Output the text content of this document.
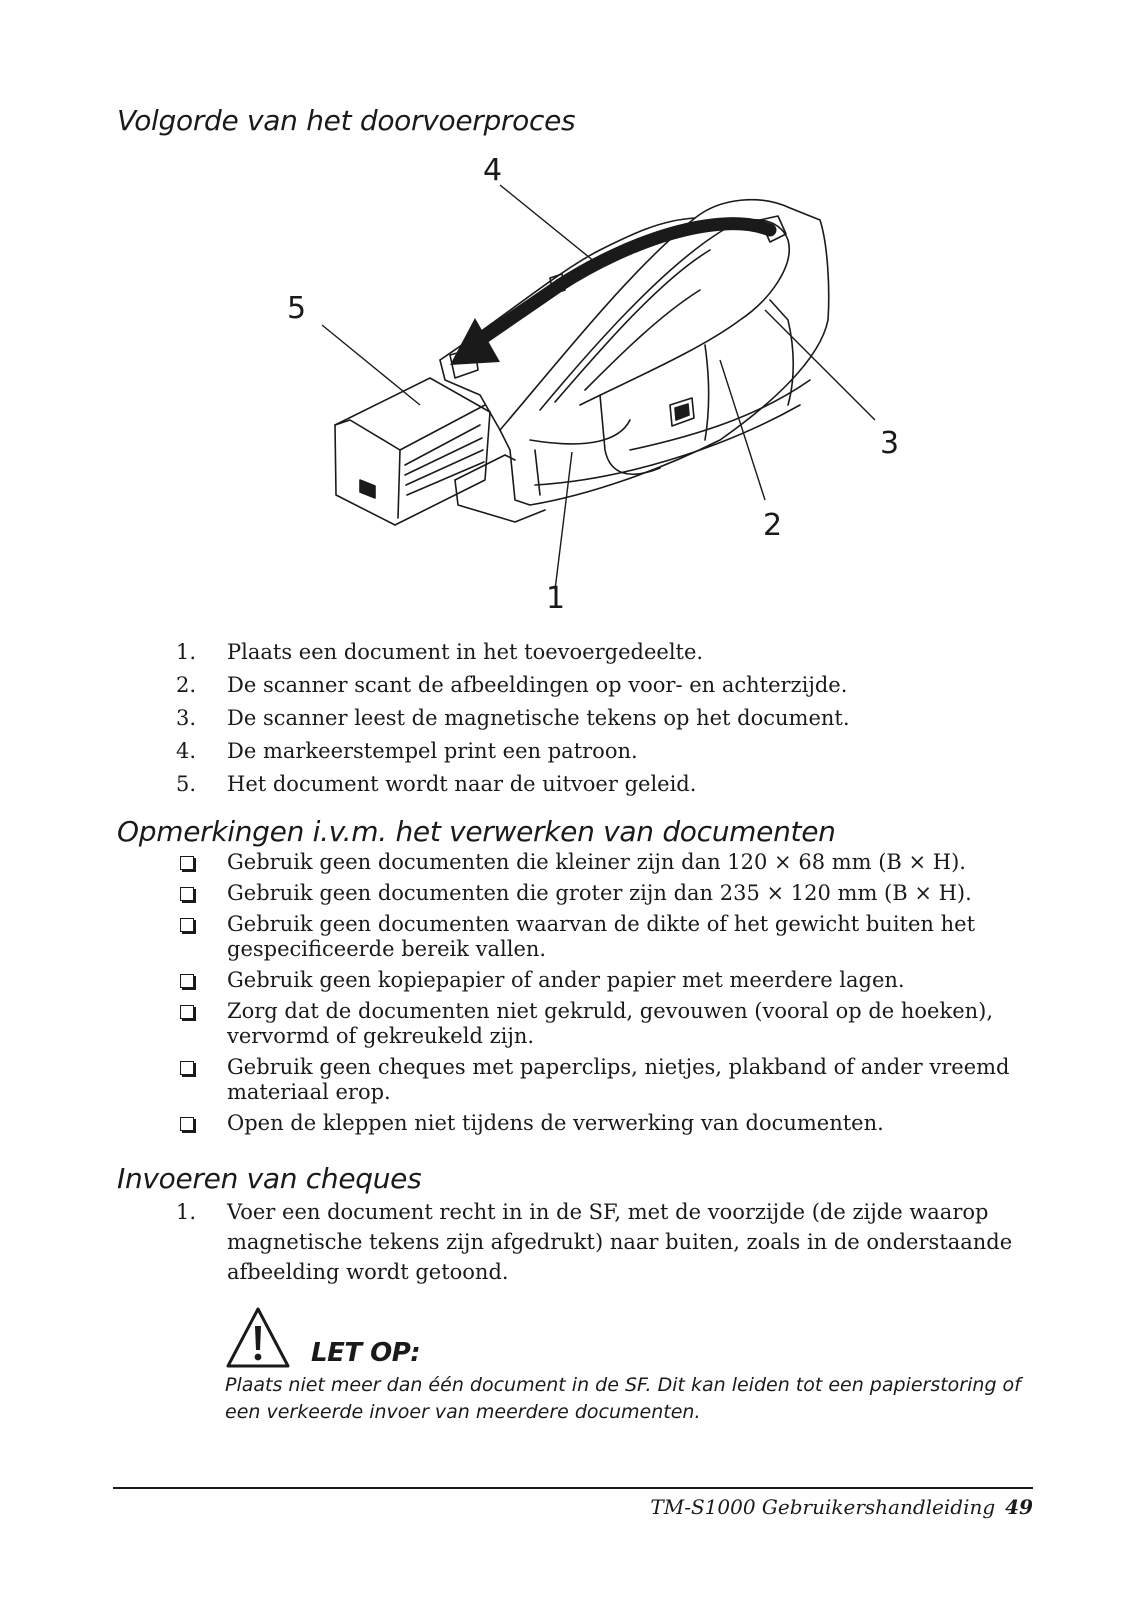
Volgorde van het doorvoerproces
4
5
3
2
1
1. Plaats een document in het toevoergedeelte.
2. De scanner scant de afbeeldingen op voor- en achterzijde.
3. De scanner leest de magnetische tekens op het document.
4. De markeerstempel print een patroon.
5. Het document wordt naar de uitvoer geleid.
Opmerkingen i.v.m. het verwerken van documenten
Gebruik geen documenten die kleiner zijn dan 120 × 68 mm (B × H).
Gebruik geen documenten die groter zijn dan 235 × 120 mm (B × H).
Gebruik geen documenten waarvan de dikte of het gewicht buiten het gespecificeerde bereik vallen.
Gebruik geen kopiepapier of ander papier met meerdere lagen.
Zorg dat de documenten niet gekruld, gevouwen (vooral op de hoeken), vervormd of gekreukeld zijn.
Gebruik geen cheques met paperclips, nietjes, plakband of ander vreemd materiaal erop.
Open de kleppen niet tijdens de verwerking van documenten.
Invoeren van cheques
1. Voer een document recht in in de SF, met de voorzijde (de zijde waarop magnetische tekens zijn afgedrukt) naar buiten, zoals in de onderstaande afbeelding wordt getoond.
LET OP:

Plaats niet meer dan één document in de SF. Dit kan leiden tot een papierstoring of een verkeerde invoer van meerdere documenten.

TM-S1000 Gebruikershandleiding 49
